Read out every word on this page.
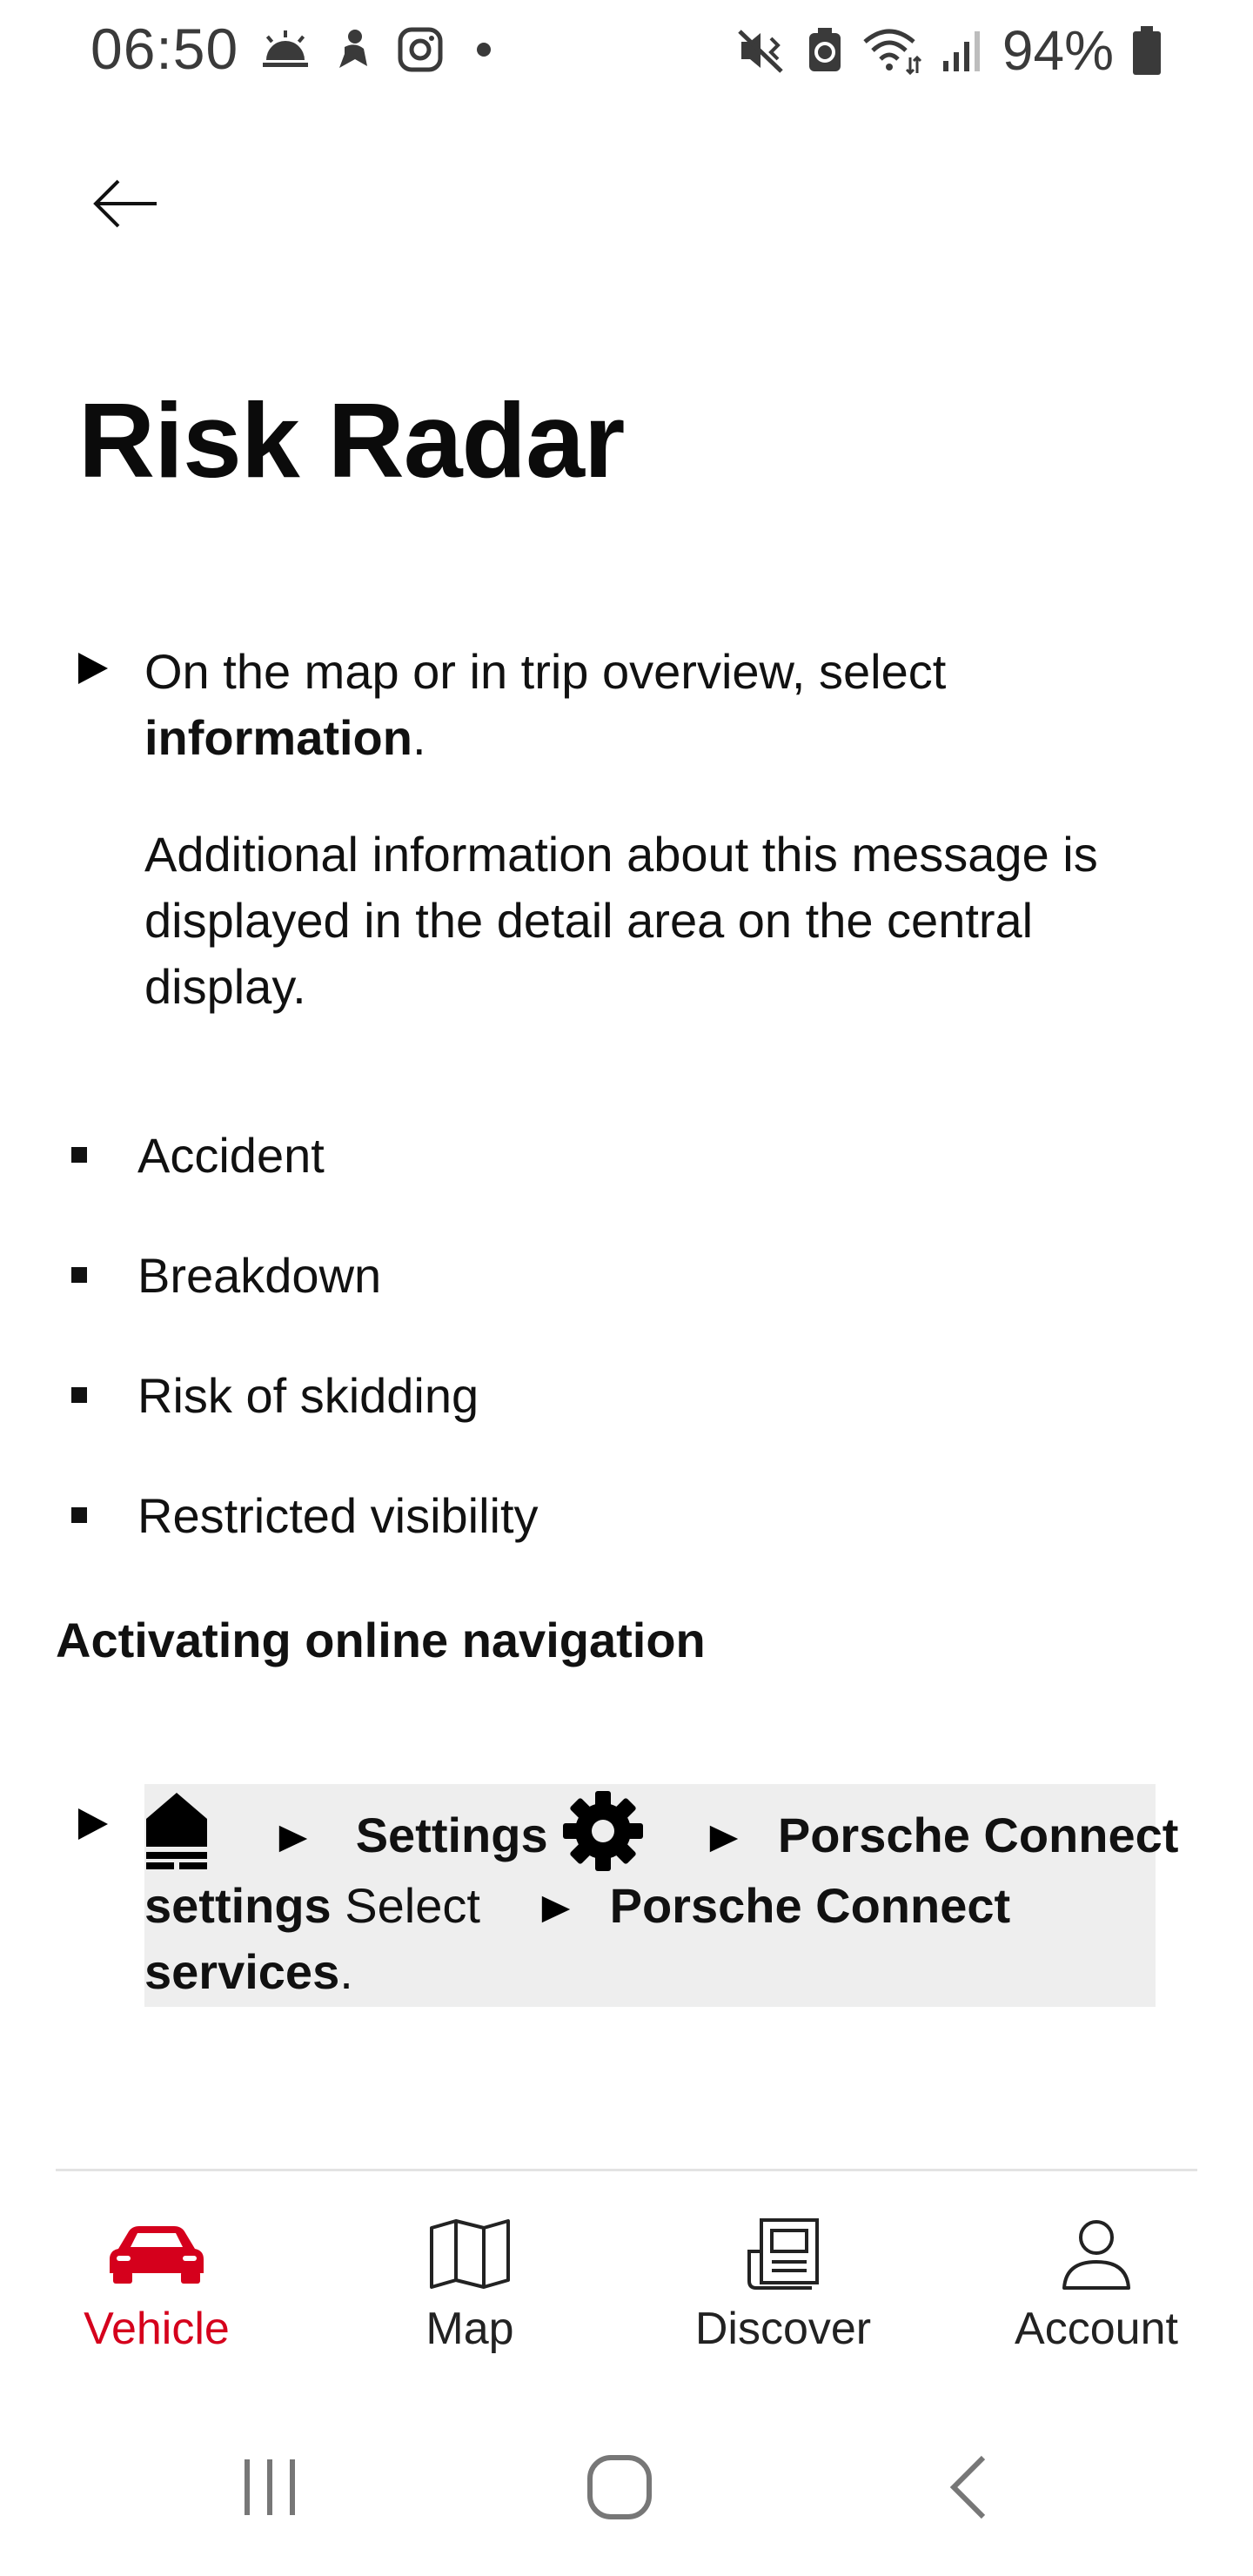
06:50	94%
Risk Radar
On the map or in trip overview, select
information.

Additional information about this message is displayed in the detail area on the central display.

Accident
Breakdown
Risk of skidding
Restricted visibility
Activating online navigation
Settings	Porsche Connect
settings Select	Porsche Connect
services.
Vehicle	Map	Discover	Account
